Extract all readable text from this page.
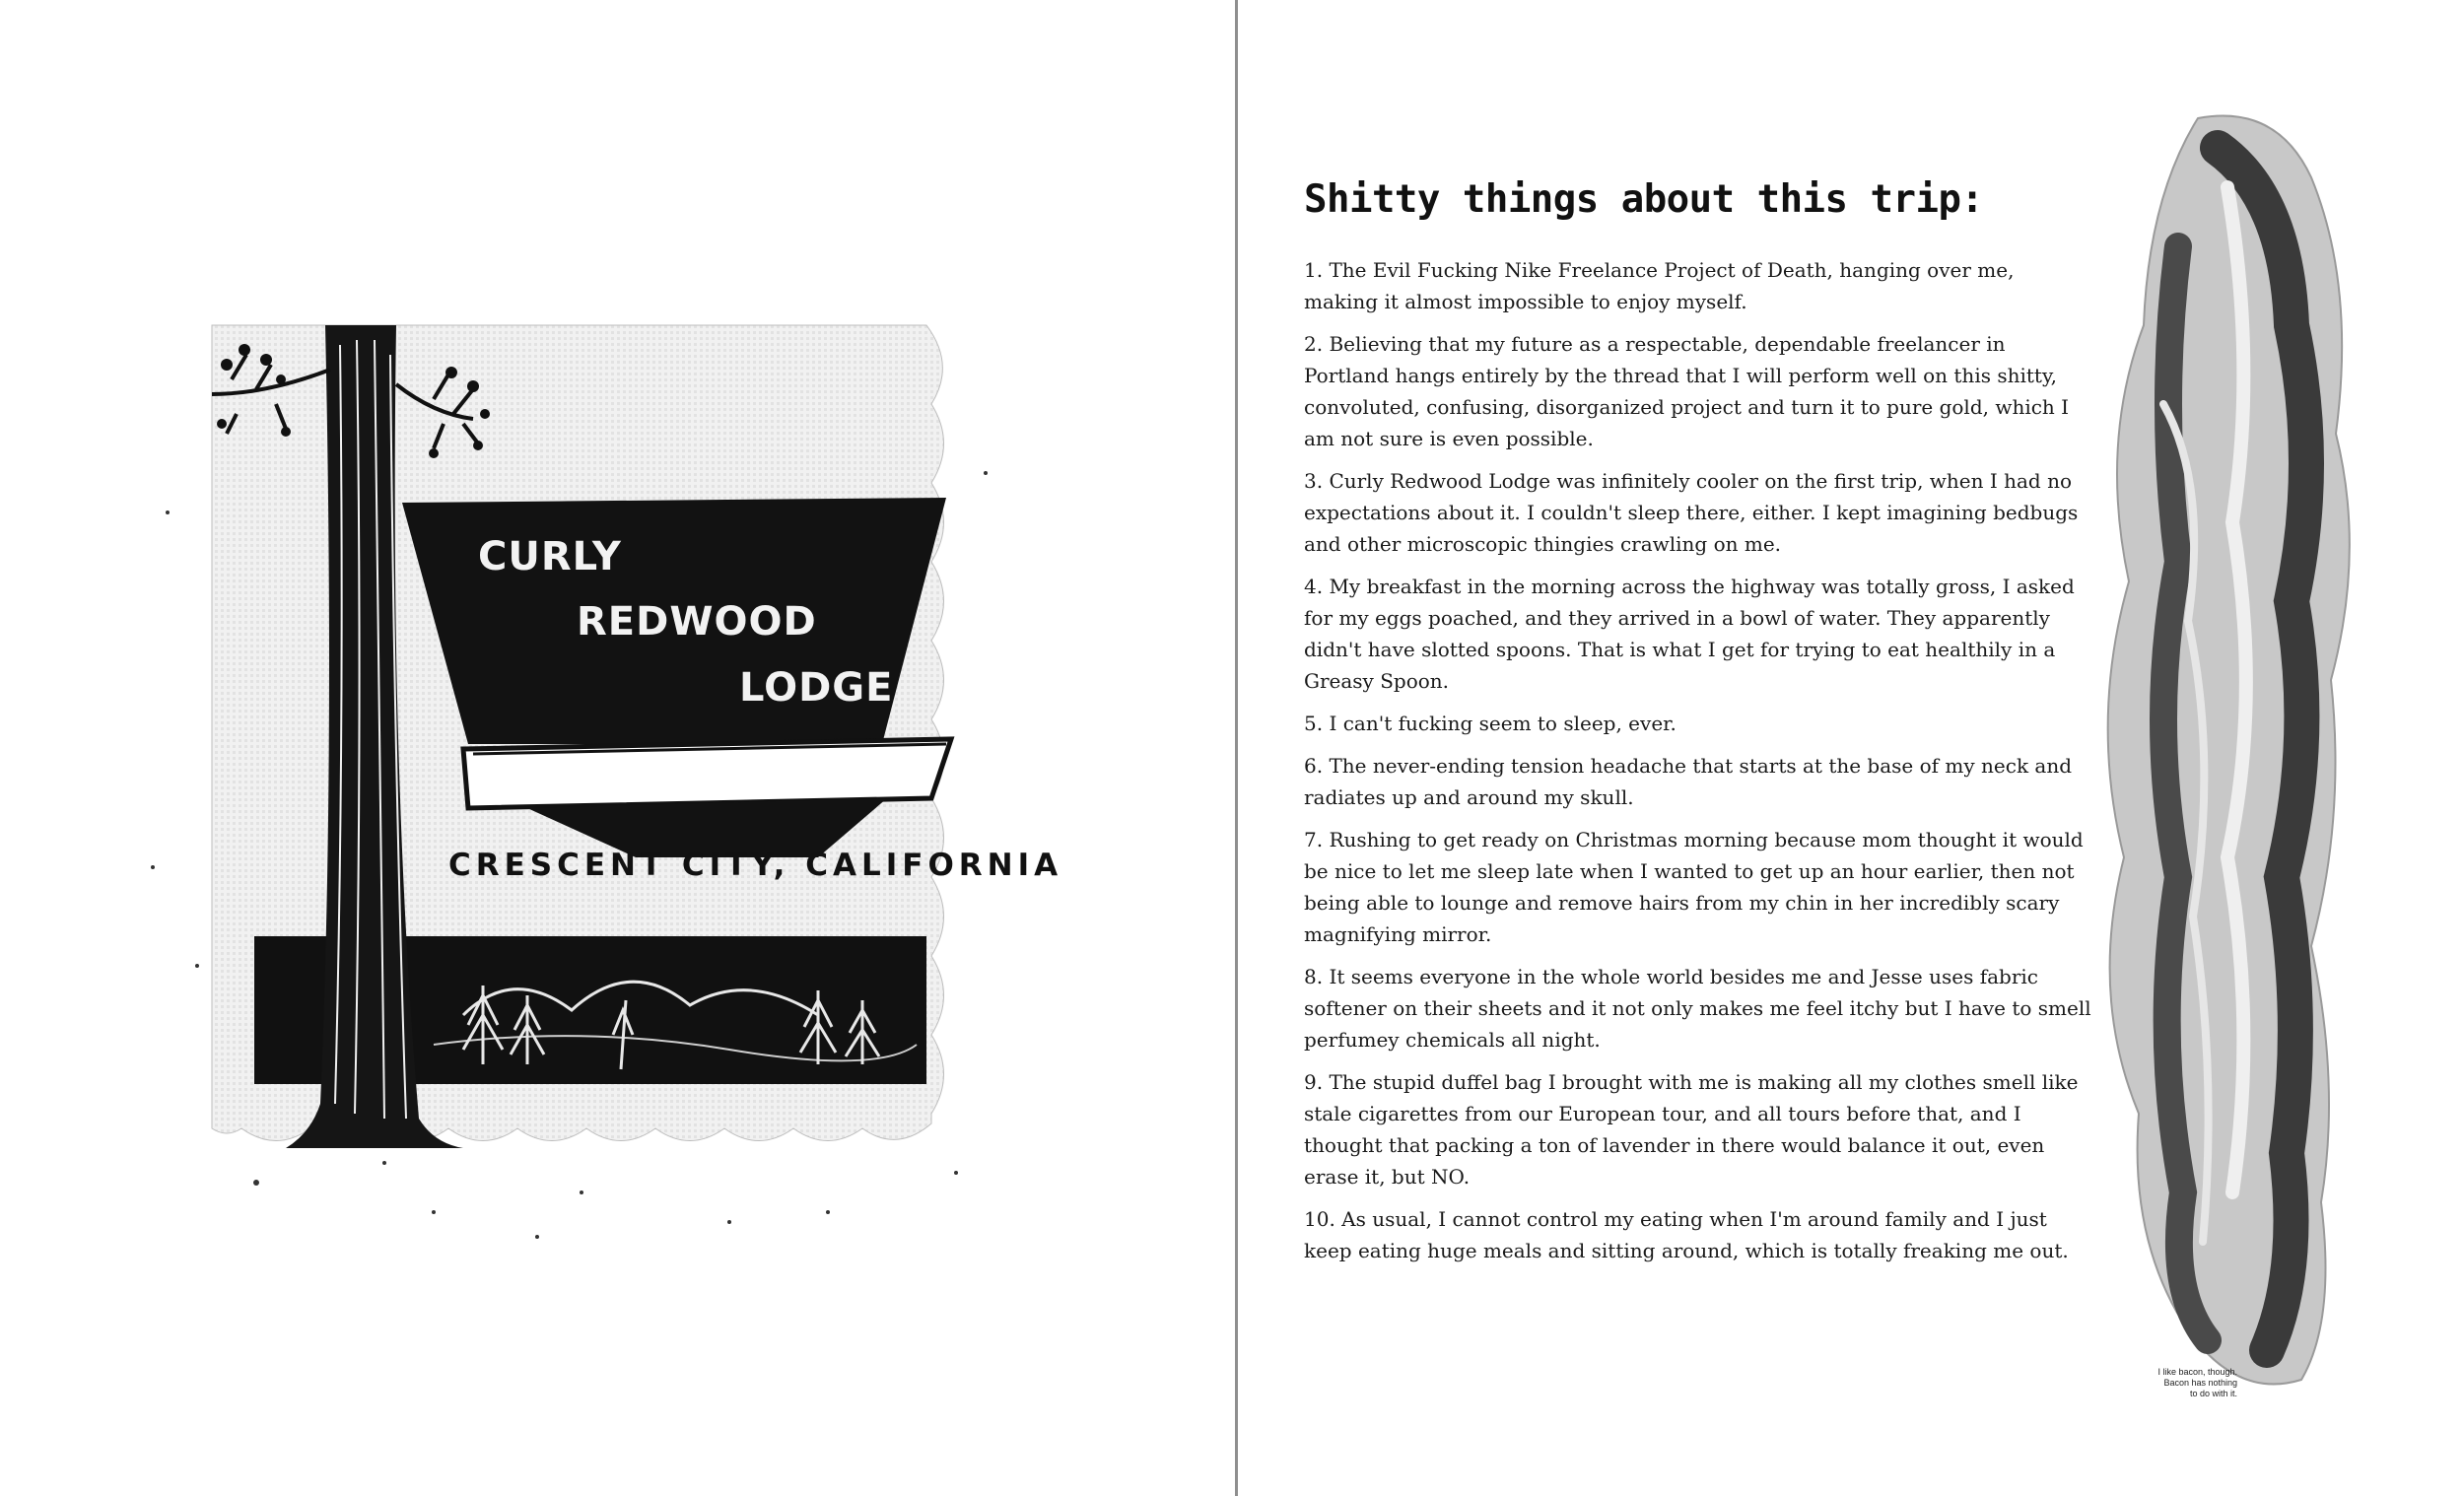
CURLY
REDWOOD
LODGE
CRESCENT CITY, CALIFORNIA
Shitty things about this trip:
1. The Evil Fucking Nike Freelance Project of Death, hanging over me, making it almost impossible to enjoy myself.
2. Believing that my future as a respectable, dependable freelancer in Portland hangs entirely by the thread that I will perform well on this shitty, convoluted, confusing, disorganized project and turn it to pure gold, which I am not sure is even possible.
3. Curly Redwood Lodge was infinitely cooler on the first trip, when I had no expectations about it. I couldn't sleep there, either. I kept imagining bedbugs and other microscopic thingies crawling on me.
4. My breakfast in the morning across the highway was totally gross, I asked for my eggs poached, and they arrived in a bowl of water. They apparently didn't have slotted spoons. That is what I get for trying to eat healthily in a Greasy Spoon.
5. I can't fucking seem to sleep, ever.
6. The never-ending tension headache that starts at the base of my neck and radiates up and around my skull.
7. Rushing to get ready on Christmas morning because mom thought it would be nice to let me sleep late when I wanted to get up an hour earlier, then not being able to lounge and remove hairs from my chin in her incredibly scary magnifying mirror.
8. It seems everyone in the whole world besides me and Jesse uses fabric softener on their sheets and it not only makes me feel itchy but I have to smell perfumey chemicals all night.
9. The stupid duffel bag I brought with me is making all my clothes smell like stale cigarettes from our European tour, and all tours before that, and I thought that packing a ton of lavender in there would balance it out, even erase it, but NO.
10. As usual, I cannot control my eating when I'm around family and I just keep eating huge meals and sitting around, which is totally freaking me out.
I like bacon, though.
Bacon has nothing
to do with it.
